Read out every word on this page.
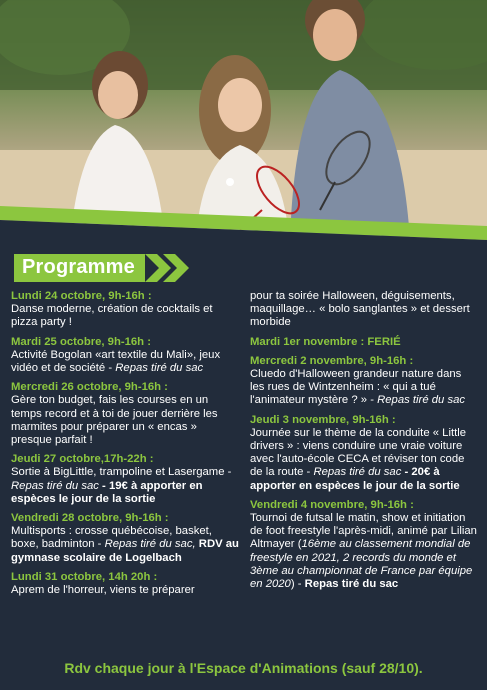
Programme
Lundi 24 octobre, 9h-16h :
Danse moderne, création de cocktails et pizza party !
Mardi 25 octobre, 9h-16h :
Activité Bogolan «art textile du Mali», jeux vidéo et de société - Repas tiré du sac
Mercredi 26 octobre, 9h-16h :
Gère ton budget, fais les courses en un temps record et à toi de jouer derrière les marmites pour préparer un « encas » presque parfait !
Jeudi 27 octobre,17h-22h :
Sortie à BigLittle, trampoline et Lasergame - Repas tiré du sac - 19€ à apporter en espèces le jour de la sortie
Vendredi 28 octobre, 9h-16h :
Multisports : crosse québécoise, basket, boxe, badminton - Repas tiré du sac, RDV au gymnase scolaire de Logelbach
Lundi 31 octobre, 14h 20h :
Aprem de l'horreur, viens te préparer
pour ta soirée Halloween, déguisements, maquillage… « bolo sanglantes » et dessert morbide
Mardi 1er novembre : FERIÉ
Mercredi 2 novembre, 9h-16h :
Cluedo d'Halloween grandeur nature dans les rues de Wintzenheim : « qui a tué l'animateur mystère ? » - Repas tiré du sac
Jeudi 3 novembre, 9h-16h :
Journée sur le thème de la conduite « Little drivers » : viens conduire une vraie voiture avec l'auto-école CECA et réviser ton code de la route - Repas tiré du sac - 20€ à apporter en espèces le jour de la sortie
Vendredi 4 novembre, 9h-16h :
Tournoi de futsal le matin, show et initiation de foot freestyle l'après-midi, animé par Lilian Altmayer (16ème au classement mondial de freestyle en 2021, 2 records du monde et 3ème au championnat de France par équipe en 2020) - Repas tiré du sac
Rdv chaque jour à l'Espace d'Animations (sauf 28/10).
